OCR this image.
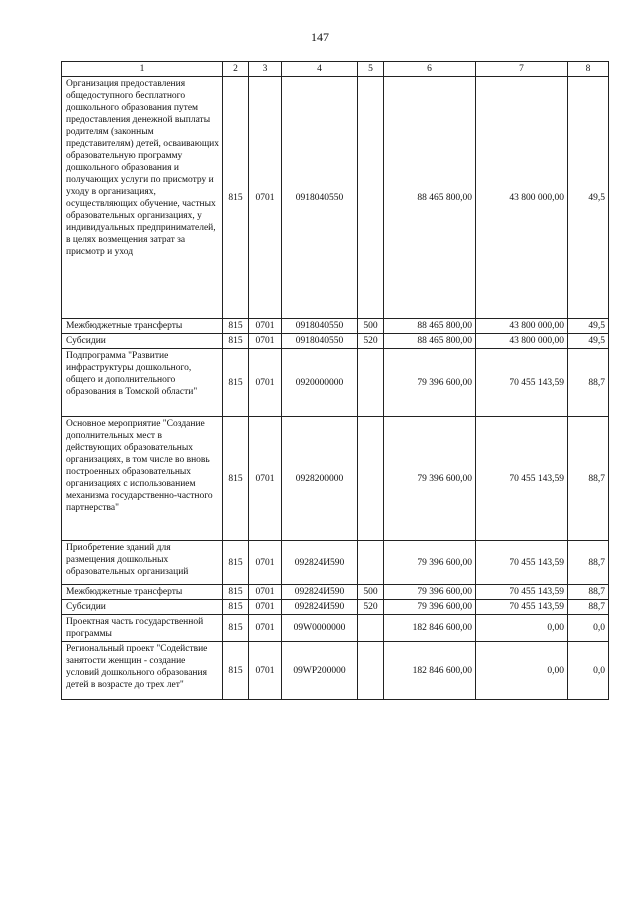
147
1	2	3	4	5	6	7	8
Организация предоставления общедоступного бесплатного дошкольного образования путем предоставления денежной выплаты родителям (законным представителям) детей, осваивающих образовательную программу дошкольного образования и получающих услуги по присмотру и уходу в организациях, осуществляющих обучение, частных образовательных организациях, у индивидуальных предпринимателей, в целях возмещения затрат за присмотр и уход	815	0701	0918040550		88 465 800,00	43 800 000,00	49,5
Межбюджетные трансферты	815	0701	0918040550	500	88 465 800,00	43 800 000,00	49,5
Субсидии	815	0701	0918040550	520	88 465 800,00	43 800 000,00	49,5
Подпрограмма "Развитие инфраструктуры дошкольного, общего и дополнительного образования в Томской области"	815	0701	0920000000		79 396 600,00	70 455 143,59	88,7
Основное мероприятие "Создание дополнительных мест в действующих образовательных организациях, в том числе во вновь построенных образовательных организациях с использованием механизма государственно-частного партнерства"	815	0701	0928200000		79 396 600,00	70 455 143,59	88,7
Приобретение зданий для размещения дошкольных образовательных организаций	815	0701	092824И590		79 396 600,00	70 455 143,59	88,7
Межбюджетные трансферты	815	0701	092824И590	500	79 396 600,00	70 455 143,59	88,7
Субсидии	815	0701	092824И590	520	79 396 600,00	70 455 143,59	88,7
Проектная часть государственной программы	815	0701	09W0000000		182 846 600,00	0,00	0,0
Региональный проект "Содействие занятости женщин - создание условий дошкольного образования детей в возрасте до трех лет"	815	0701	09WP200000		182 846 600,00	0,00	0,0
